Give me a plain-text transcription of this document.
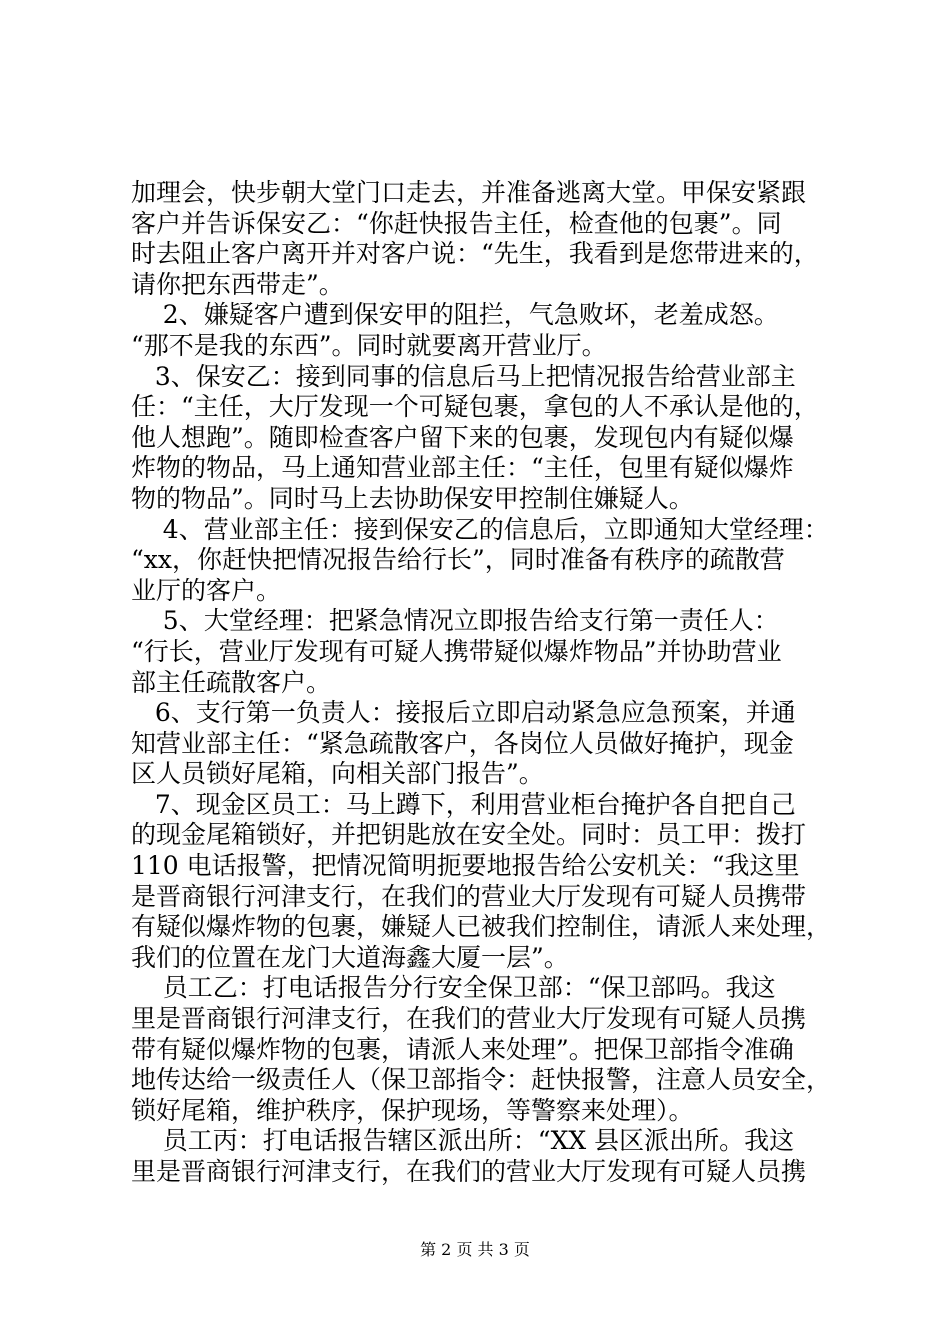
加理会，快步朝大堂门口走去，并准备逃离大堂。甲保安紧跟
客户并告诉保安乙：“你赶快报告主任，检查他的包裹”。同
时去阻止客户离开并对客户说：“先生，我看到是您带进来的，
请你把东西带走”。
2、嫌疑客户遭到保安甲的阻拦，气急败坏，老羞成怒。
“那不是我的东西”。同时就要离开营业厅。
3、保安乙：接到同事的信息后马上把情况报告给营业部主
任：“主任，大厅发现一个可疑包裹，拿包的人不承认是他的，
他人想跑”。随即检查客户留下来的包裹，发现包内有疑似爆
炸物的物品，马上通知营业部主任：“主任，包里有疑似爆炸
物的物品”。同时马上去协助保安甲控制住嫌疑人。
4、营业部主任：接到保安乙的信息后，立即通知大堂经理：
“xx，你赶快把情况报告给行长”，同时准备有秩序的疏散营
业厅的客户。
5、大堂经理：把紧急情况立即报告给支行第一责任人：
“行长，营业厅发现有可疑人携带疑似爆炸物品”并协助营业
部主任疏散客户。
6、支行第一负责人：接报后立即启动紧急应急预案，并通
知营业部主任：“紧急疏散客户，各岗位人员做好掩护，现金
区人员锁好尾箱，向相关部门报告”。
7、现金区员工：马上蹲下，利用营业柜台掩护各自把自己
的现金尾箱锁好，并把钥匙放在安全处。同时：员工甲：拨打
110 电话报警，把情况简明扼要地报告给公安机关：“我这里
是晋商银行河津支行，在我们的营业大厅发现有可疑人员携带
有疑似爆炸物的包裹，嫌疑人已被我们控制住，请派人来处理，
我们的位置在龙门大道海鑫大厦一层”。
员工乙：打电话报告分行安全保卫部：“保卫部吗。我这
里是晋商银行河津支行，在我们的营业大厅发现有可疑人员携
带有疑似爆炸物的包裹，请派人来处理”。把保卫部指令准确
地传达给一级责任人（保卫部指令：赶快报警，注意人员安全，
锁好尾箱，维护秩序，保护现场，等警察来处理）。
员工丙：打电话报告辖区派出所：“XX 县区派出所。我这
里是晋商银行河津支行，在我们的营业大厅发现有可疑人员携
第 2 页 共 3 页
